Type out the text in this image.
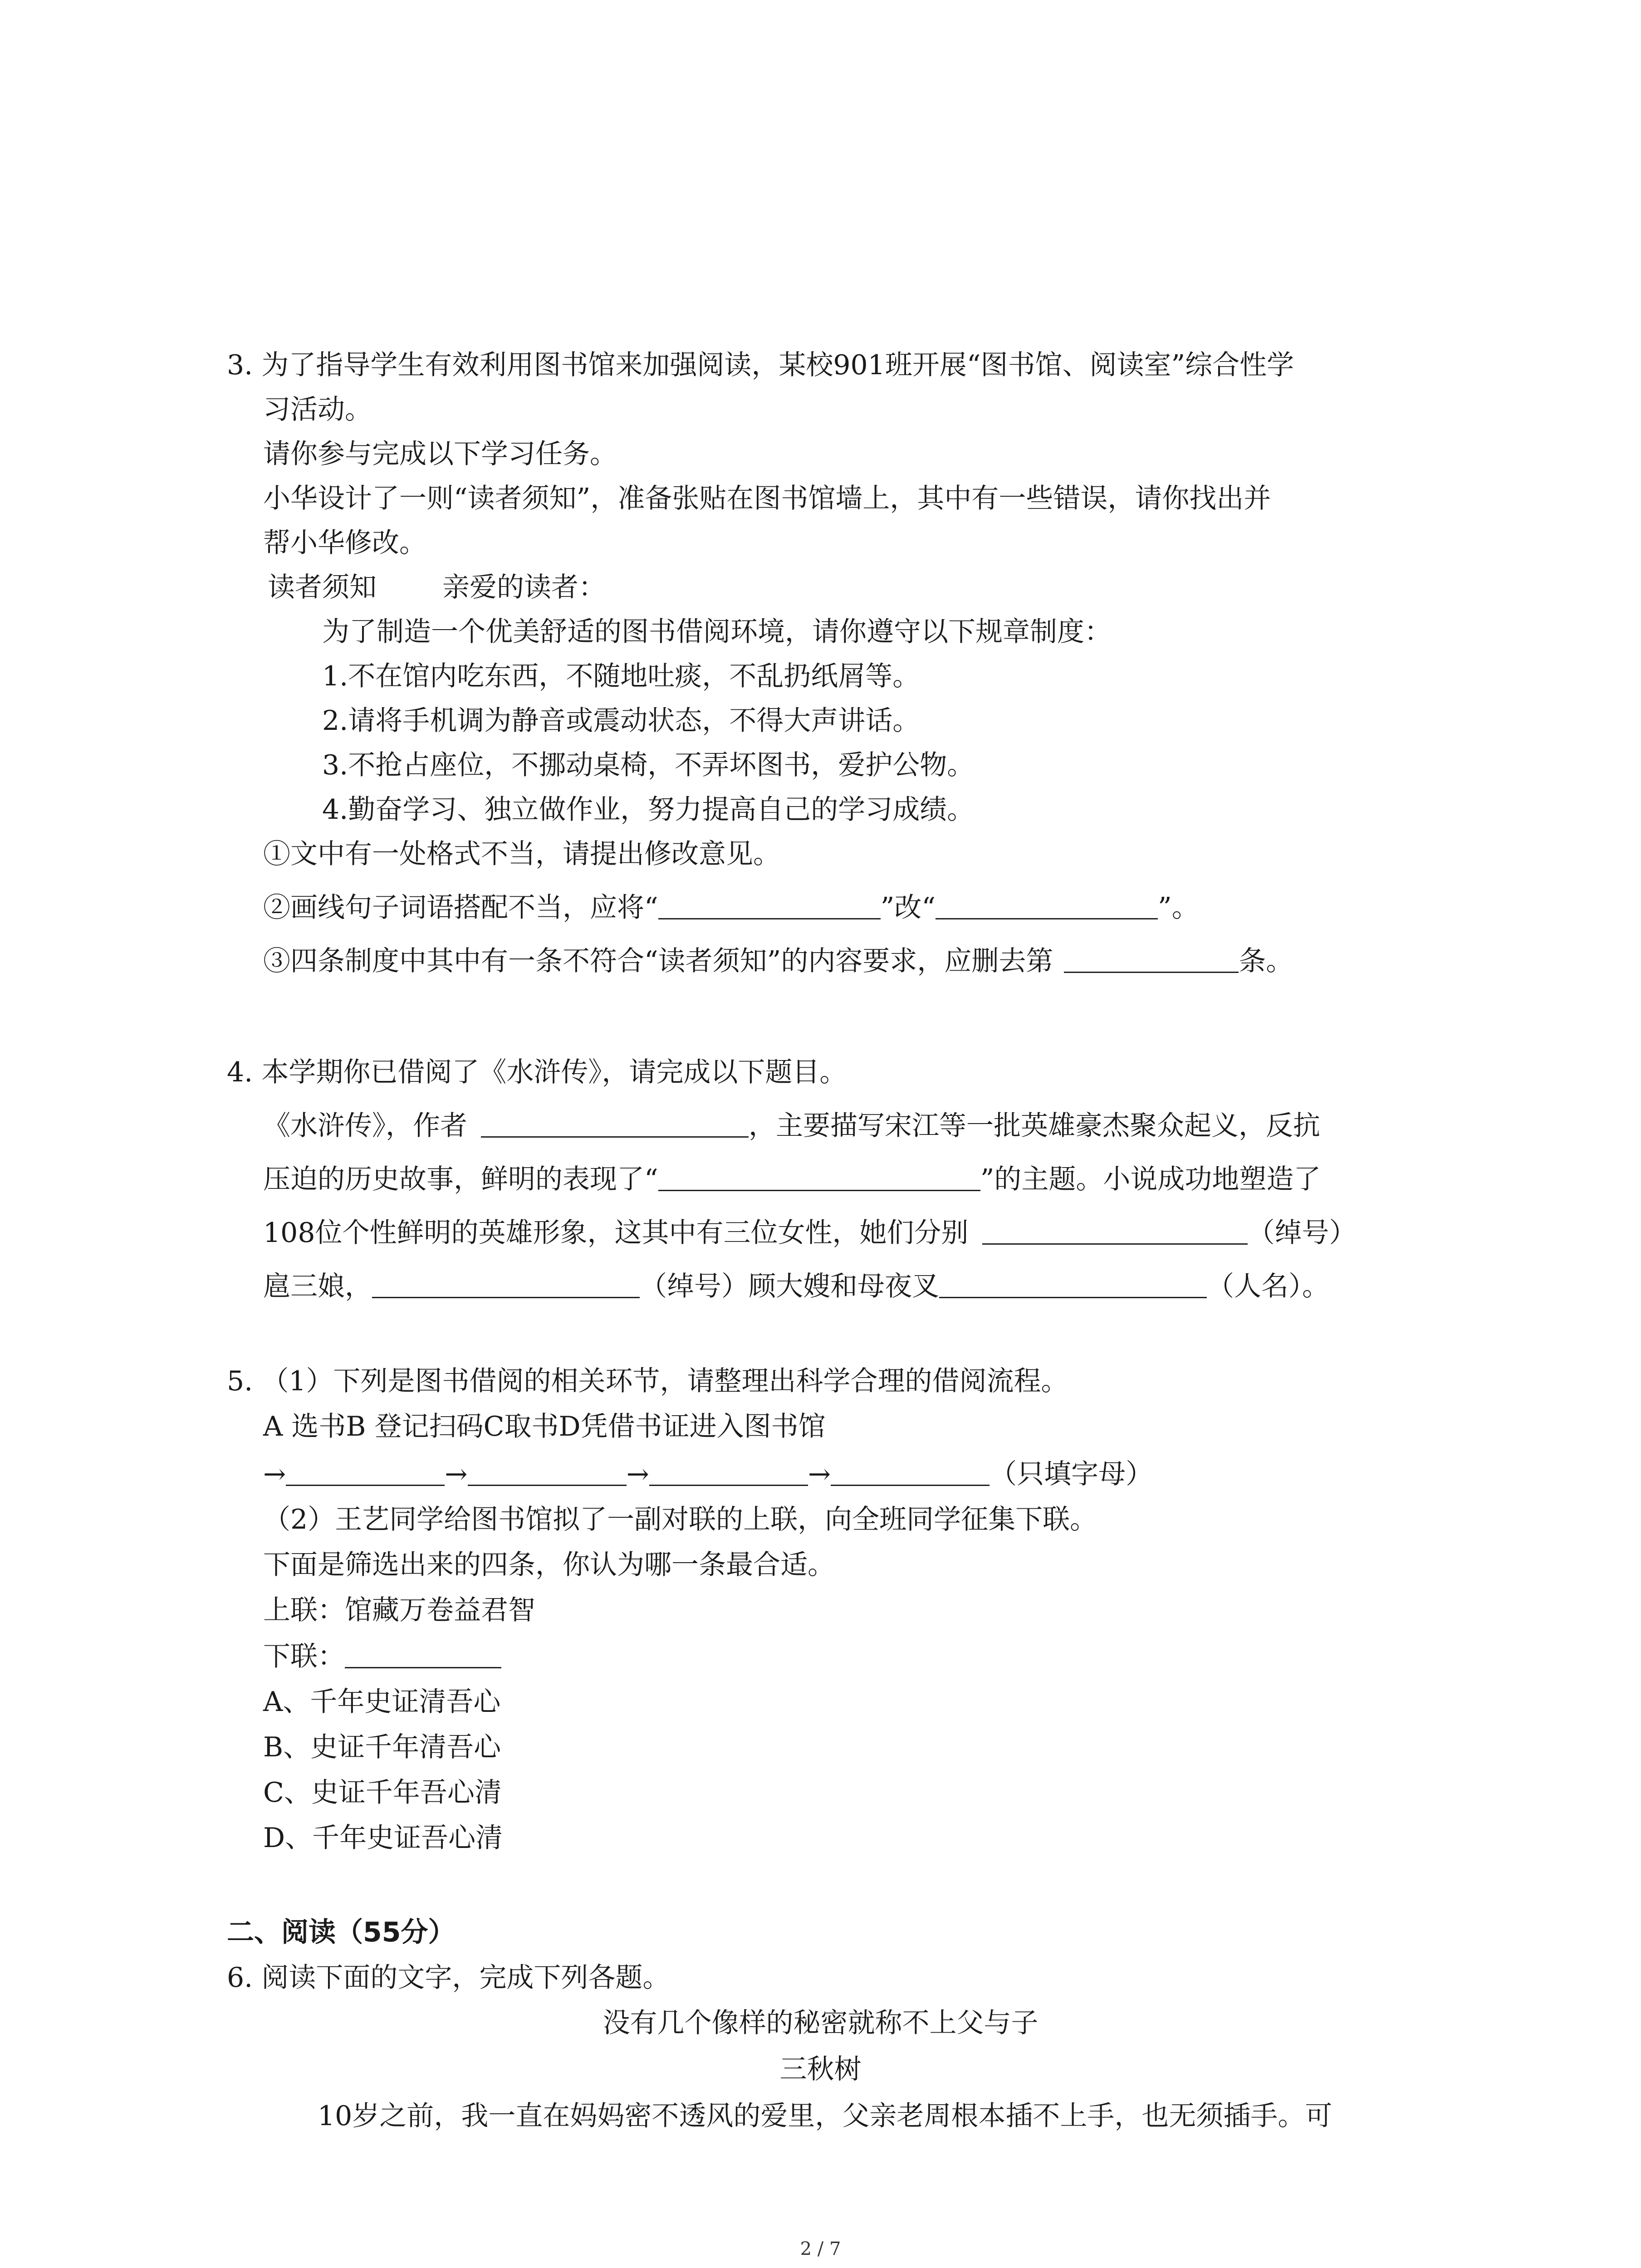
3. 为了指导学生有效利用图书馆来加强阅读，某校901班开展“图书馆、阅读室”综合性学

习活动。

请你参与完成以下学习任务。

小华设计了一则“读者须知”，准备张贴在图书馆墙上，其中有一些错误，请你找出并

帮小华修改。

读者须知 亲爱的读者：

为了制造一个优美舒适的图书借阅环境，请你遵守以下规章制度：

1.不在馆内吃东西，不随地吐痰，不乱扔纸屑等。

2.请将手机调为静音或震动状态，不得大声讲话。

3.不抢占座位，不挪动桌椅，不弄坏图书，爱护公物。

4.勤奋学习、独立做作业，努力提高自己的学习成绩。

①文中有一处格式不当，请提出修改意见。

②画线句子词语搭配不当，应将“	”改“	”。

③四条制度中其中有一条不符合“读者须知”的内容要求，应删去第	条。

4. 本学期你已借阅了《水浒传》，请完成以下题目。

《水浒传》，作者	，主要描写宋江等一批英雄豪杰聚众起义，反抗

压迫的历史故事，鲜明的表现了“	”的主题。小说成功地塑造了

108位个性鲜明的英雄形象，这其中有三位女性，她们分别	（绰号）

扈三娘，	（绰号）顾大嫂和母夜叉	（人名）。

5. （1）下列是图书借阅的相关环节，请整理出科学合理的借阅流程。

A 选书B 登记扫码C取书D凭借书证进入图书馆

→	→	→	→	（只填字母）

（2）王艺同学给图书馆拟了一副对联的上联，向全班同学征集下联。

下面是筛选出来的四条，你认为哪一条最合适。

上联：馆藏万卷益君智

下联：

A、千年史证清吾心

B、史证千年清吾心

C、史证千年吾心清

D、千年史证吾心清

二、阅读（55分）

6. 阅读下面的文字，完成下列各题。

没有几个像样的秘密就称不上父与子

三秋树

10岁之前，我一直在妈妈密不透风的爱里，父亲老周根本插不上手，也无须插手。可

2 / 7
